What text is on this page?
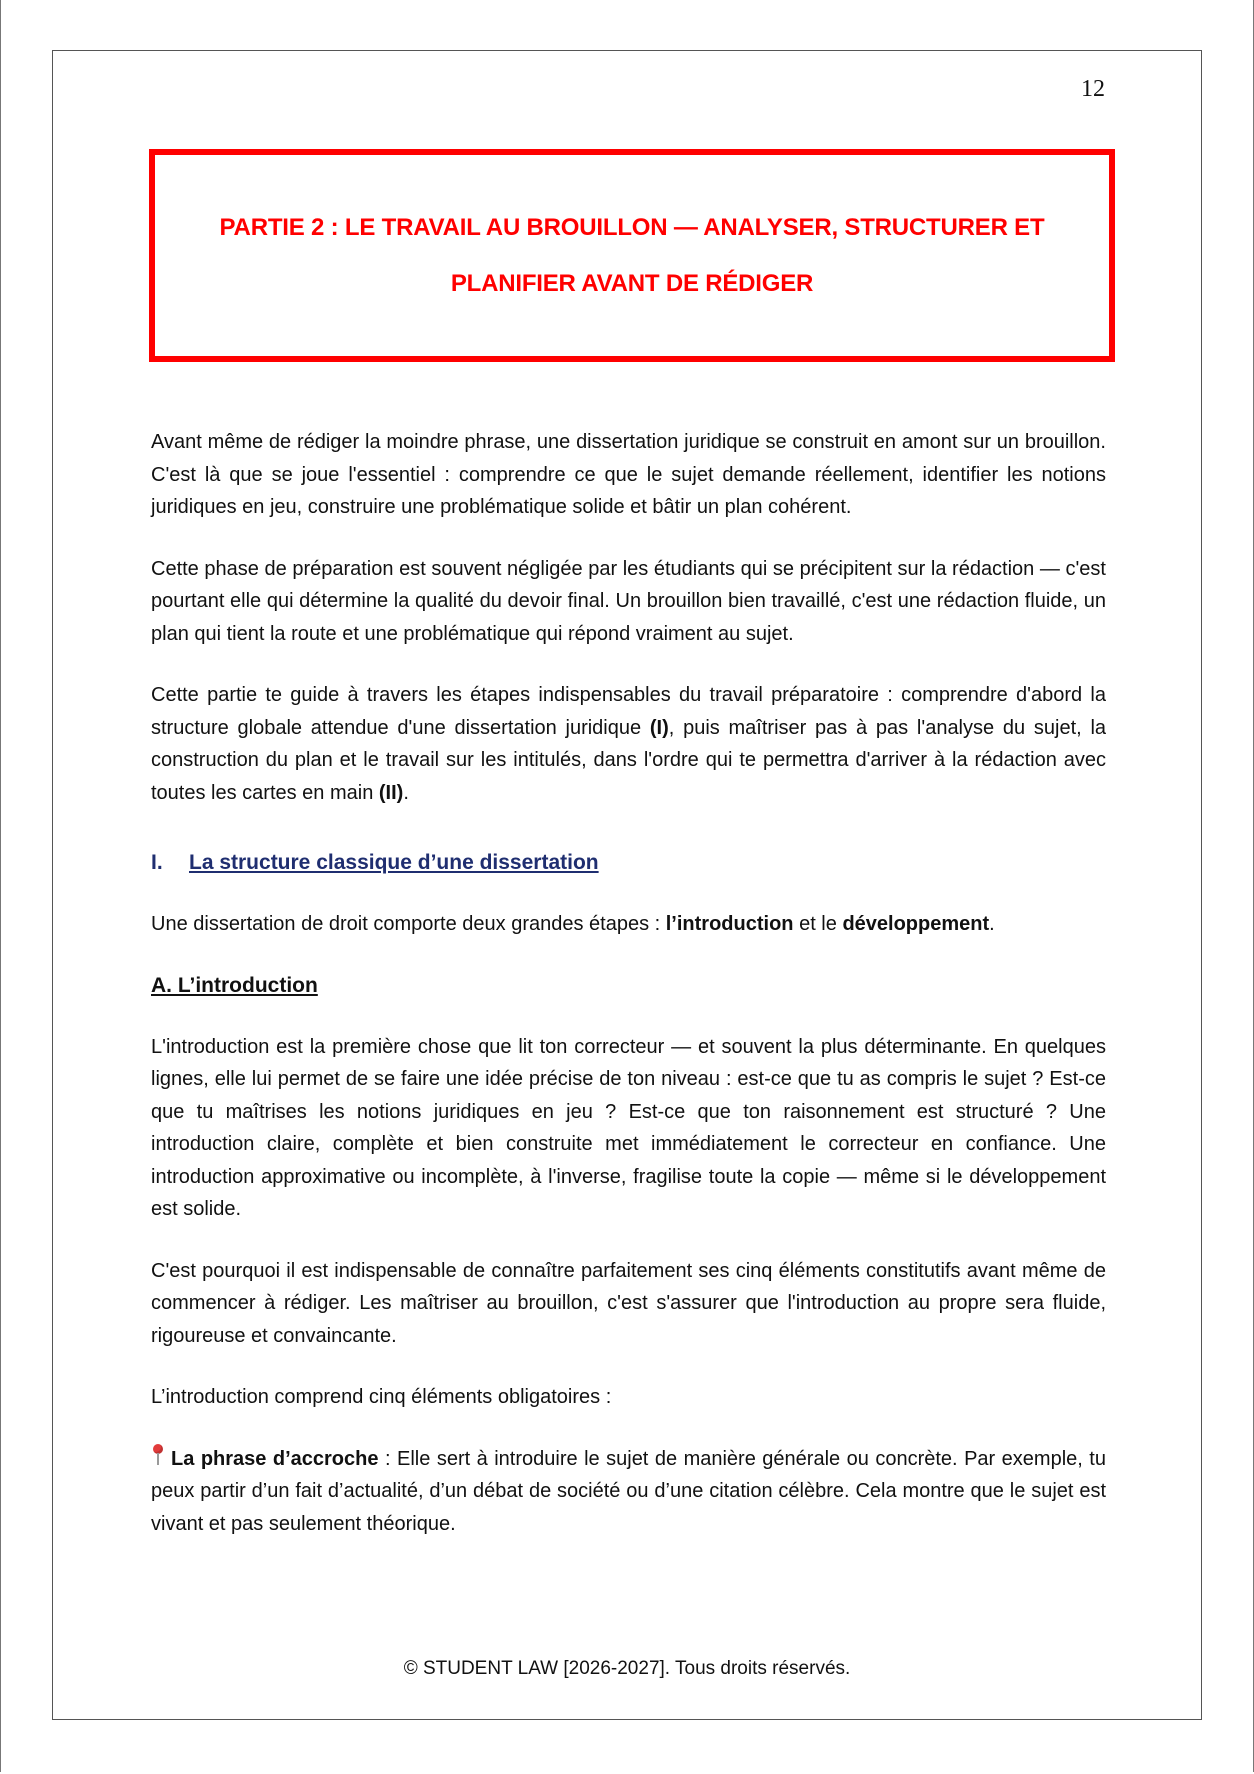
12
PARTIE 2 : LE TRAVAIL AU BROUILLON — ANALYSER, STRUCTURER ET
PLANIFIER AVANT DE RÉDIGER

Avant même de rédiger la moindre phrase, une dissertation juridique se construit en amont sur un brouillon. C'est là que se joue l'essentiel : comprendre ce que le sujet demande réellement, identifier les notions juridiques en jeu, construire une problématique solide et bâtir un plan cohérent.

Cette phase de préparation est souvent négligée par les étudiants qui se précipitent sur la rédaction — c'est pourtant elle qui détermine la qualité du devoir final. Un brouillon bien travaillé, c'est une rédaction fluide, un plan qui tient la route et une problématique qui répond vraiment au sujet.

Cette partie te guide à travers les étapes indispensables du travail préparatoire : comprendre d'abord la structure globale attendue d'une dissertation juridique (I), puis maîtriser pas à pas l'analyse du sujet, la construction du plan et le travail sur les intitulés, dans l'ordre qui te permettra d'arriver à la rédaction avec toutes les cartes en main (II).

I. La structure classique d’une dissertation

Une dissertation de droit comporte deux grandes étapes : l’introduction et le développement.

A. L’introduction

L'introduction est la première chose que lit ton correcteur — et souvent la plus déterminante. En quelques lignes, elle lui permet de se faire une idée précise de ton niveau : est-ce que tu as compris le sujet ? Est-ce que tu maîtrises les notions juridiques en jeu ? Est-ce que ton raisonnement est structuré ? Une introduction claire, complète et bien construite met immédiatement le correcteur en confiance. Une introduction approximative ou incomplète, à l'inverse, fragilise toute la copie — même si le développement est solide.

C'est pourquoi il est indispensable de connaître parfaitement ses cinq éléments constitutifs avant même de commencer à rédiger. Les maîtriser au brouillon, c'est s'assurer que l'introduction au propre sera fluide, rigoureuse et convaincante.

L’introduction comprend cinq éléments obligatoires :

La phrase d’accroche : Elle sert à introduire le sujet de manière générale ou concrète. Par exemple, tu peux partir d’un fait d’actualité, d’un débat de société ou d’une citation célèbre. Cela montre que le sujet est vivant et pas seulement théorique.

© STUDENT LAW [2026-2027]. Tous droits réservés.
